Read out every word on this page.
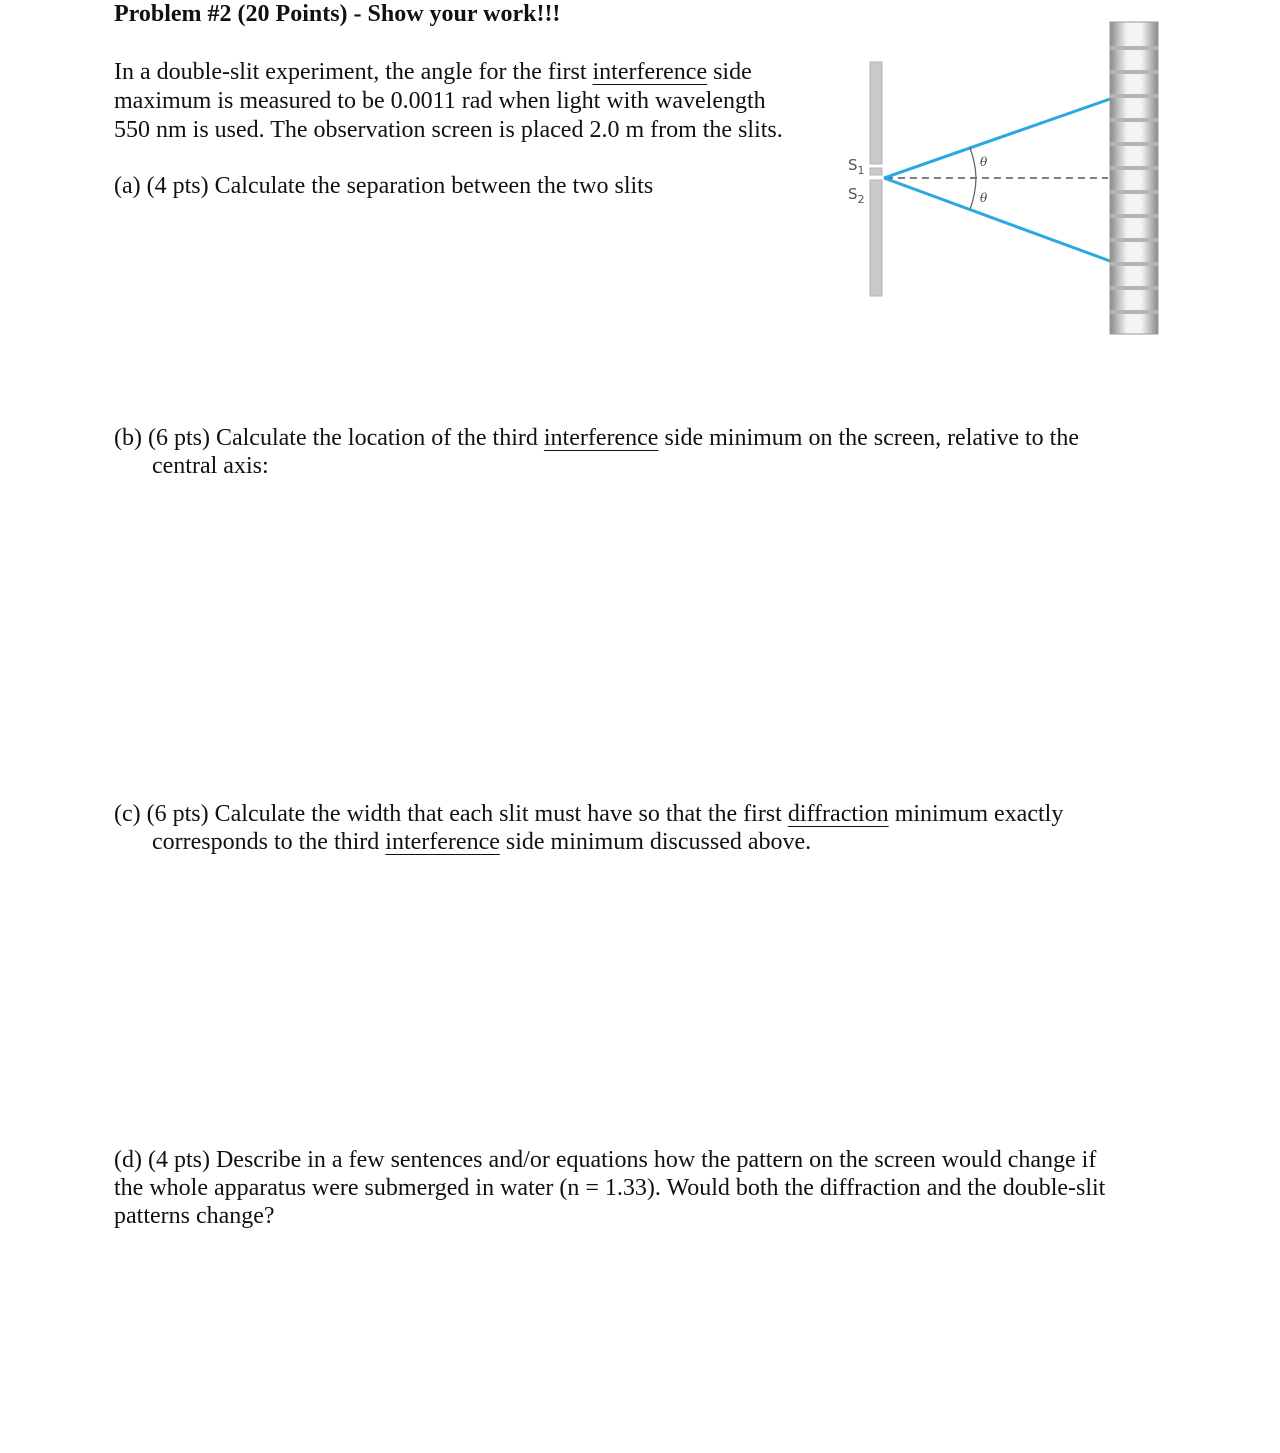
Problem #2 (20 Points) - Show your work!!!
In a double-slit experiment, the angle for the first interference side
maximum is measured to be 0.0011 rad when light with wavelength
550 nm is used. The observation screen is placed 2.0 m from the slits.
(a) (4 pts) Calculate the separation between the two slits
(b) (6 pts) Calculate the location of the third interference side minimum on the screen, relative to the
central axis:
(c) (6 pts) Calculate the width that each slit must have so that the first diffraction minimum exactly
corresponds to the third interference side minimum discussed above.
(d) (4 pts) Describe in a few sentences and/or equations how the pattern on the screen would change if
the whole apparatus were submerged in water (n = 1.33). Would both the diffraction and the double-slit
patterns change?
$S_1$
$S_2$
θ
θ
